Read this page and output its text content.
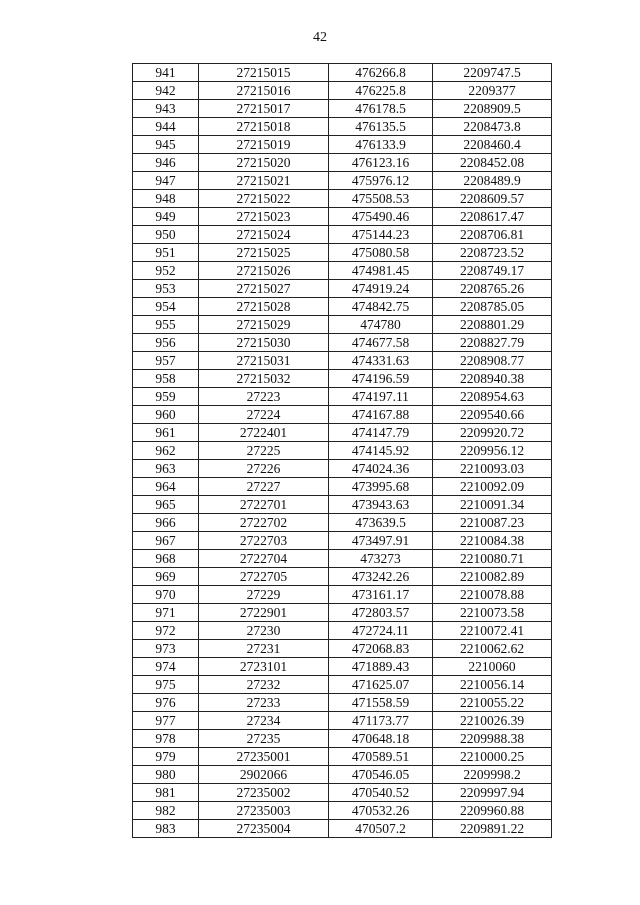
42
941	27215015	476266.8	2209747.5
942	27215016	476225.8	2209377
943	27215017	476178.5	2208909.5
944	27215018	476135.5	2208473.8
945	27215019	476133.9	2208460.4
946	27215020	476123.16	2208452.08
947	27215021	475976.12	2208489.9
948	27215022	475508.53	2208609.57
949	27215023	475490.46	2208617.47
950	27215024	475144.23	2208706.81
951	27215025	475080.58	2208723.52
952	27215026	474981.45	2208749.17
953	27215027	474919.24	2208765.26
954	27215028	474842.75	2208785.05
955	27215029	474780	2208801.29
956	27215030	474677.58	2208827.79
957	27215031	474331.63	2208908.77
958	27215032	474196.59	2208940.38
959	27223	474197.11	2208954.63
960	27224	474167.88	2209540.66
961	2722401	474147.79	2209920.72
962	27225	474145.92	2209956.12
963	27226	474024.36	2210093.03
964	27227	473995.68	2210092.09
965	2722701	473943.63	2210091.34
966	2722702	473639.5	2210087.23
967	2722703	473497.91	2210084.38
968	2722704	473273	2210080.71
969	2722705	473242.26	2210082.89
970	27229	473161.17	2210078.88
971	2722901	472803.57	2210073.58
972	27230	472724.11	2210072.41
973	27231	472068.83	2210062.62
974	2723101	471889.43	2210060
975	27232	471625.07	2210056.14
976	27233	471558.59	2210055.22
977	27234	471173.77	2210026.39
978	27235	470648.18	2209988.38
979	27235001	470589.51	2210000.25
980	2902066	470546.05	2209998.2
981	27235002	470540.52	2209997.94
982	27235003	470532.26	2209960.88
983	27235004	470507.2	2209891.22
